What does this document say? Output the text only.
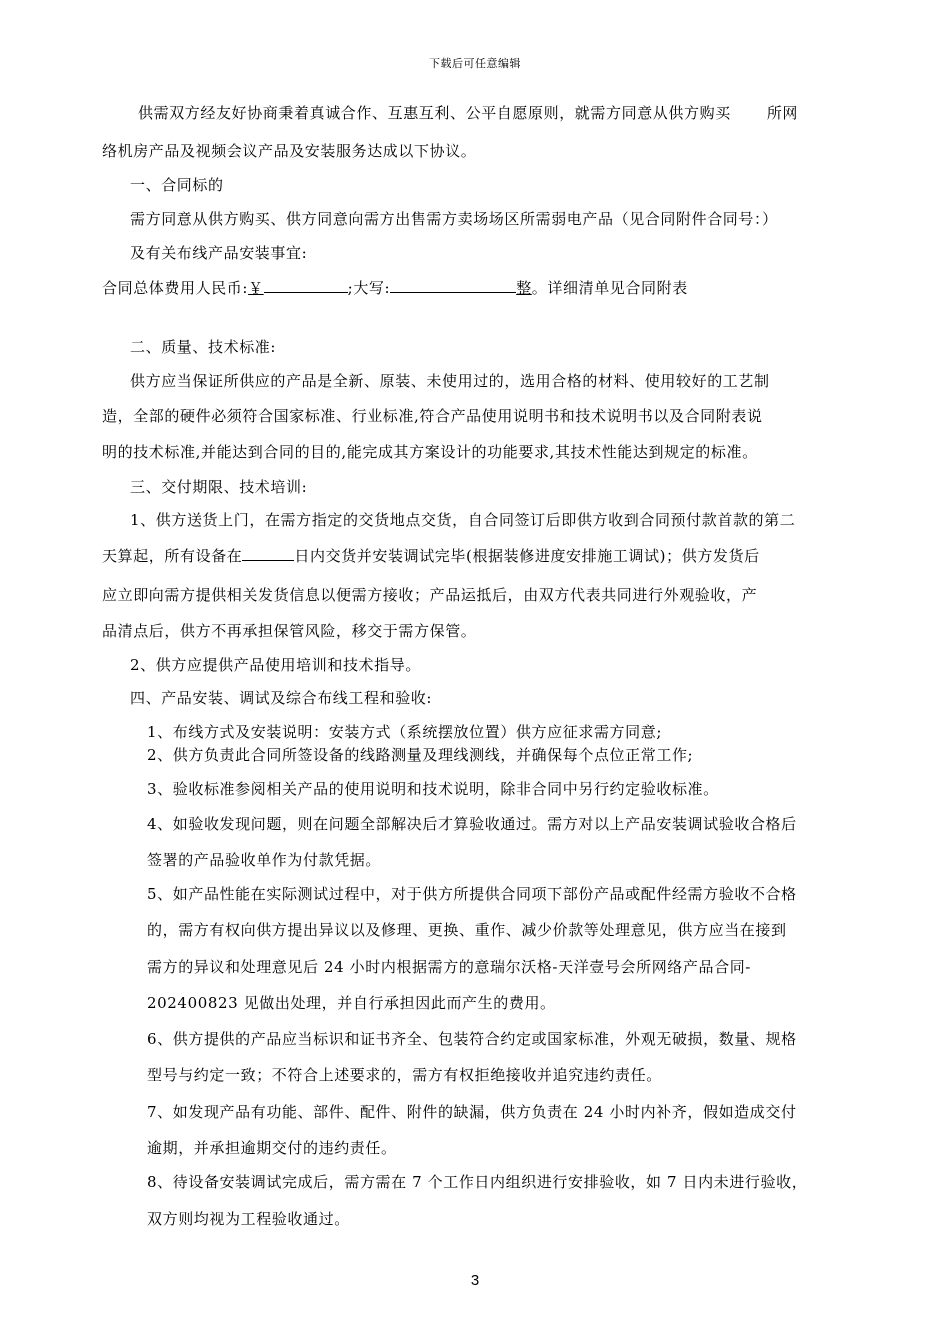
下载后可任意编辑
供需双方经友好协商秉着真诚合作、互惠互利、公平自愿原则，就需方同意从供方购买 所网
络机房产品及视频会议产品及安装服务达成以下协议。
一、合同标的
需方同意从供方购买、供方同意向需方出售需方卖场场区所需弱电产品（见合同附件合同号：）
及有关布线产品安装事宜:
合同总体费用人民币:￥	;大写:	整。详细清单见合同附表
二、质量、技术标准:
供方应当保证所供应的产品是全新、原装、未使用过的，选用合格的材料、使用较好的工艺制
造，全部的硬件必须符合国家标准、行业标准,符合产品使用说明书和技术说明书以及合同附表说
明的技术标准,并能达到合同的目的,能完成其方案设计的功能要求,其技术性能达到规定的标准。
三、交付期限、技术培训:
1、供方送货上门，在需方指定的交货地点交货，自合同签订后即供方收到合同预付款首款的第二
天算起，所有设备在	日内交货并安装调试完毕(根据装修进度安排施工调试)；供方发货后
应立即向需方提供相关发货信息以便需方接收；产品运抵后，由双方代表共同进行外观验收，产
品清点后，供方不再承担保管风险，移交于需方保管。
2、供方应提供产品使用培训和技术指导。
四、产品安装、调试及综合布线工程和验收:
1、布线方式及安装说明：安装方式（系统摆放位置）供方应征求需方同意;
2、供方负责此合同所签设备的线路测量及理线测线，并确保每个点位正常工作;
3、验收标准参阅相关产品的使用说明和技术说明，除非合同中另行约定验收标准。
4、如验收发现问题，则在问题全部解决后才算验收通过。需方对以上产品安装调试验收合格后
签署的产品验收单作为付款凭据。
5、如产品性能在实际测试过程中，对于供方所提供合同项下部份产品或配件经需方验收不合格
的，需方有权向供方提出异议以及修理、更换、重作、减少价款等处理意见，供方应当在接到
需方的异议和处理意见后 24 小时内根据需方的意瑞尔沃格-天洋壹号会所网络产品合同-
202400823 见做出处理，并自行承担因此而产生的费用。
6、供方提供的产品应当标识和证书齐全、包装符合约定或国家标准，外观无破损，数量、规格
型号与约定一致；不符合上述要求的，需方有权拒绝接收并追究违约责任。
7、如发现产品有功能、部件、配件、附件的缺漏，供方负责在 24 小时内补齐，假如造成交付
逾期，并承担逾期交付的违约责任。
8、待设备安装调试完成后，需方需在 7 个工作日内组织进行安排验收，如 7 日内未进行验收，
双方则均视为工程验收通过。
3
